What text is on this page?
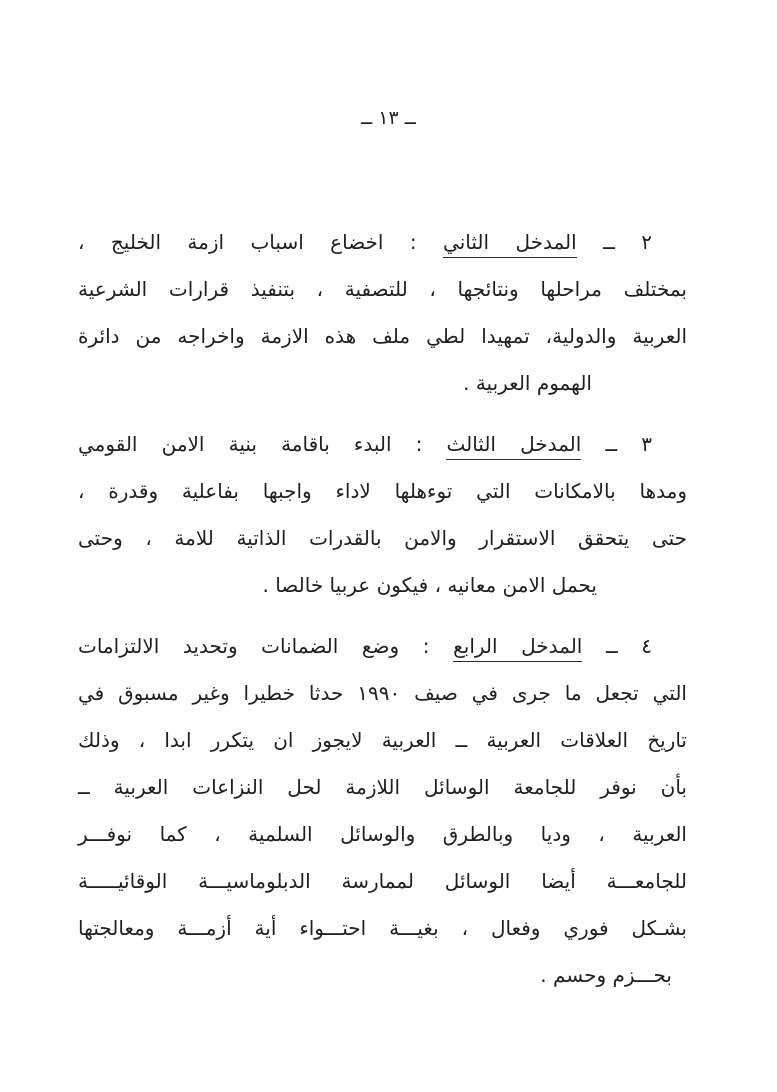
ــ ١٣ ــ
٢ ــ المدخل الثاني : اخضاع اسباب ازمة الخليج ،
بمختلف مراحلها ونتائجها ، للتصفية ، بتنفيذ قرارات الشرعية
العربية والدولية، تمهيدا لطي ملف هذه الازمة واخراجه من دائرة
الهموم العربية .
٣ ــ المدخل الثالث : البدء باقامة بنية الامن القومي
ومدها بالامكانات التي توءهلها لاداء واجبها بفاعلية وقدرة ،
حتى يتحقق الاستقرار والامن بالقدرات الذاتية للامة ، وحتى
يحمل الامن معانيه ، فيكون عربيا خالصا .
٤ ــ المدخل الرابع : وضع الضمانات وتحديد الالتزامات
التي تجعل ما جرى في صيف ١٩٩٠ حدثا خطيرا وغير مسبوق في
تاريخ العلاقات العربية ــ العربية لايجوز ان يتكرر ابدا ، وذلك
بأن نوفر للجامعة الوسائل اللازمة لحل النزاعات العربية ــ
العربية ، وديا وبالطرق والوسائل السلمية ، كما نوفـــر
للجامعـــة أيضا الوسائل لممارسة الدبلوماسيـــة الوقائيـــــة
بشـكل فوري وفعال ، بغيـــة احتـــواء أية أزمـــة ومعالجتها
بحـــزم وحسم .
